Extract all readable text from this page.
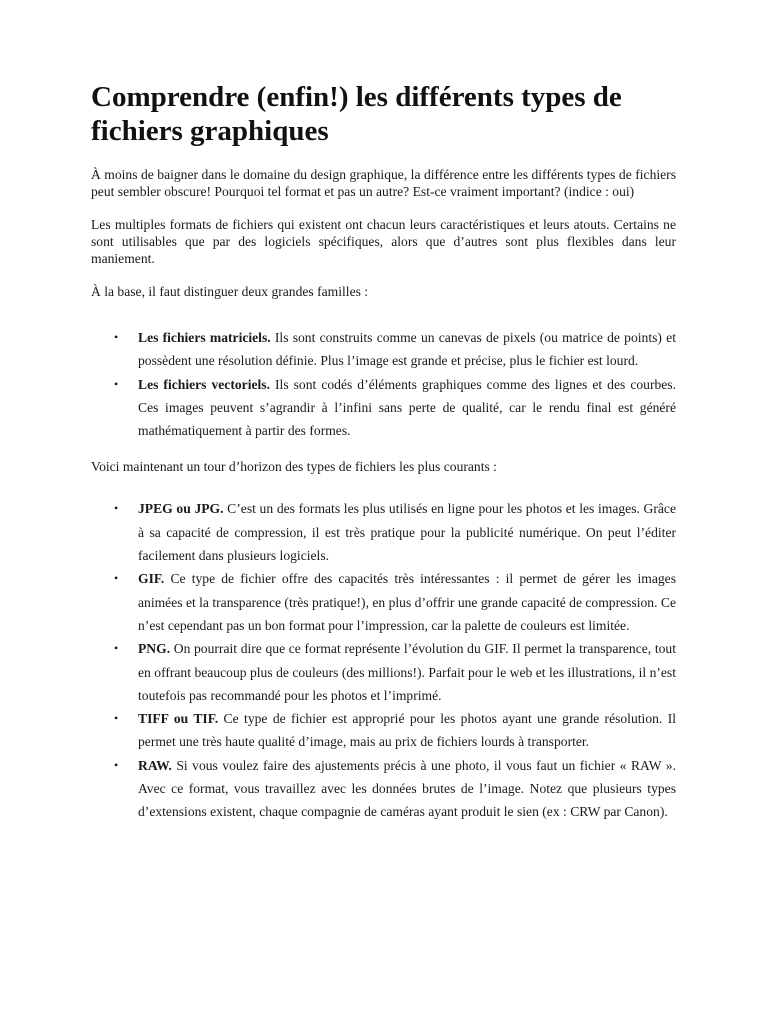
Comprendre (enfin!) les différents types de fichiers graphiques

À moins de baigner dans le domaine du design graphique, la différence entre les différents types de fichiers peut sembler obscure! Pourquoi tel format et pas un autre? Est-ce vraiment important? (indice : oui)

Les multiples formats de fichiers qui existent ont chacun leurs caractéristiques et leurs atouts. Certains ne sont utilisables que par des logiciels spécifiques, alors que d’autres sont plus flexibles dans leur maniement.

À la base, il faut distinguer deux grandes familles :

• Les fichiers matriciels. Ils sont construits comme un canevas de pixels (ou matrice de points) et possèdent une résolution définie. Plus l’image est grande et précise, plus le fichier est lourd.
• Les fichiers vectoriels. Ils sont codés d’éléments graphiques comme des lignes et des courbes. Ces images peuvent s’agrandir à l’infini sans perte de qualité, car le rendu final est généré mathématiquement à partir des formes.

Voici maintenant un tour d’horizon des types de fichiers les plus courants :

• JPEG ou JPG. C’est un des formats les plus utilisés en ligne pour les photos et les images. Grâce à sa capacité de compression, il est très pratique pour la publicité numérique. On peut l’éditer facilement dans plusieurs logiciels.
• GIF. Ce type de fichier offre des capacités très intéressantes : il permet de gérer les images animées et la transparence (très pratique!), en plus d’offrir une grande capacité de compression. Ce n’est cependant pas un bon format pour l’impression, car la palette de couleurs est limitée.
• PNG. On pourrait dire que ce format représente l’évolution du GIF. Il permet la transparence, tout en offrant beaucoup plus de couleurs (des millions!). Parfait pour le web et les illustrations, il n’est toutefois pas recommandé pour les photos et l’imprimé.
• TIFF ou TIF. Ce type de fichier est approprié pour les photos ayant une grande résolution. Il permet une très haute qualité d’image, mais au prix de fichiers lourds à transporter.
• RAW. Si vous voulez faire des ajustements précis à une photo, il vous faut un fichier « RAW ». Avec ce format, vous travaillez avec les données brutes de l’image. Notez que plusieurs types d’extensions existent, chaque compagnie de caméras ayant produit le sien (ex : CRW par Canon).
